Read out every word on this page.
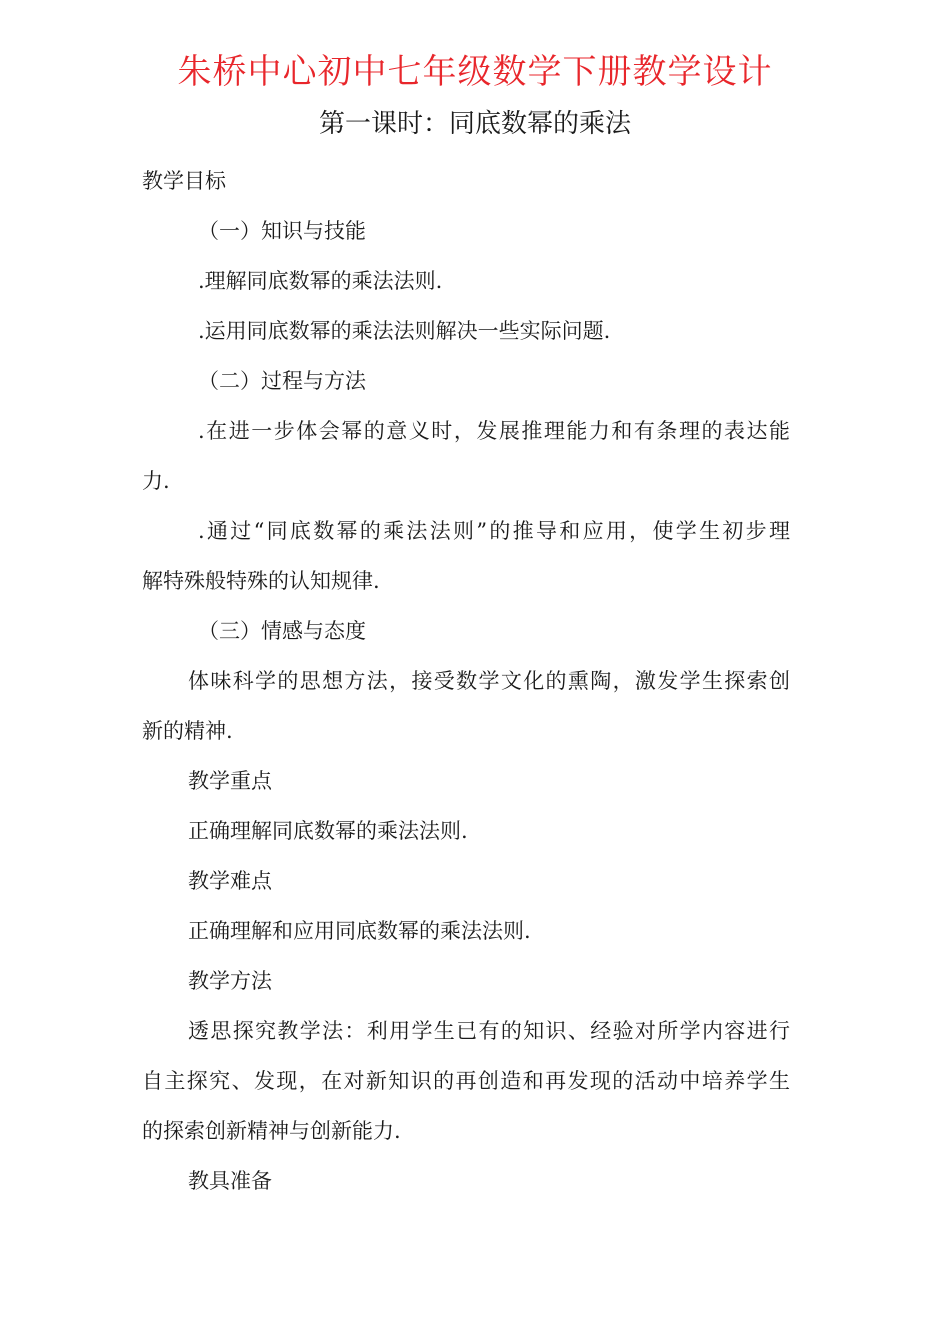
朱桥中心初中七年级数学下册教学设计
第一课时：同底数幂的乘法
教学目标
（一）知识与技能
.理解同底数幂的乘法法则.
.运用同底数幂的乘法法则解决一些实际问题.
（二）过程与方法
.在进一步体会幂的意义时，发展推理能力和有条理的表达能
力.
.通过“同底数幂的乘法法则”的推导和应用，使学生初步理
解特殊般特殊的认知规律.
（三）情感与态度
体味科学的思想方法，接受数学文化的熏陶，激发学生探索创
新的精神.
教学重点
正确理解同底数幂的乘法法则.
教学难点
正确理解和应用同底数幂的乘法法则.
教学方法
透思探究教学法：利用学生已有的知识、经验对所学内容进行
自主探究、发现，在对新知识的再创造和再发现的活动中培养学生
的探索创新精神与创新能力.
教具准备
